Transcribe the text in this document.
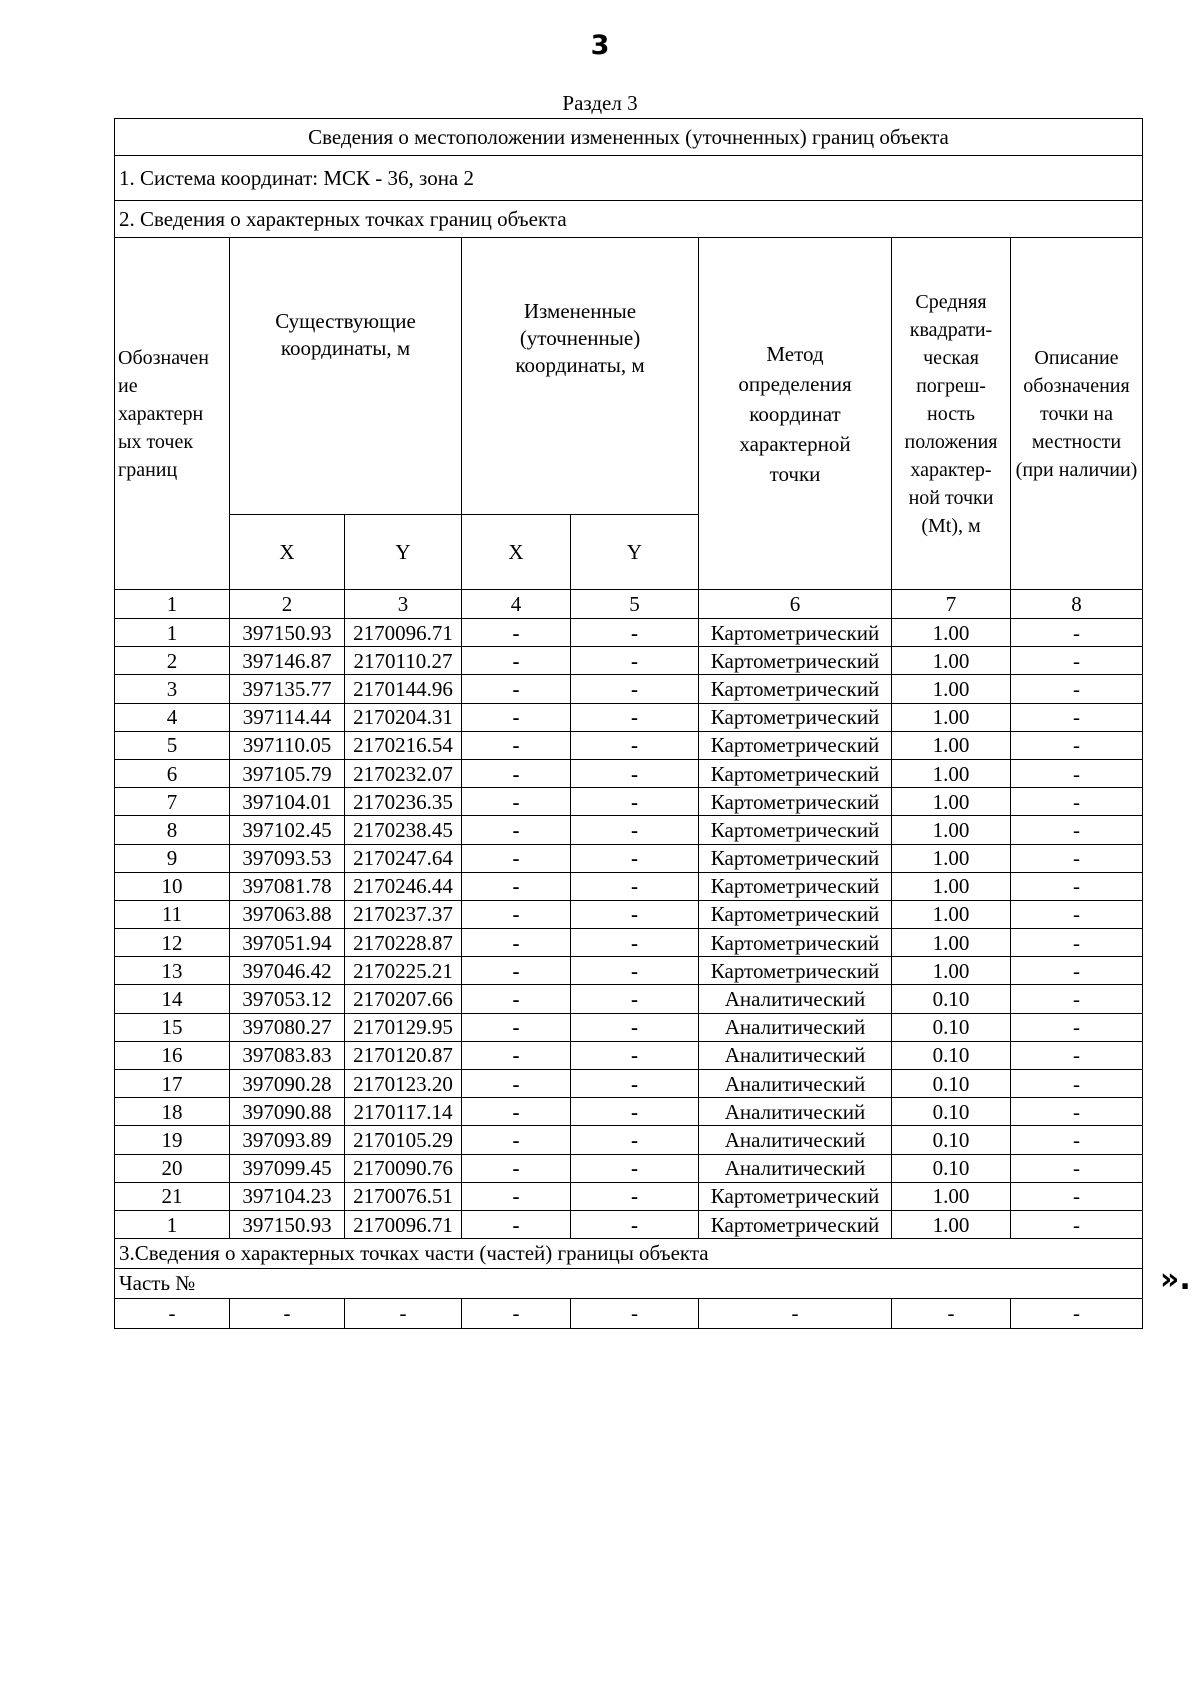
3
Раздел 3
Сведения о местоположении измененных (уточненных) границ объекта							
1. Система координат: МСК - 36, зона 2							
2. Сведения о характерных точках границ объекта							
Обозначен ие характерн ых точек границ	Существующие координаты, м		Измененные (уточненные) координаты, м		Метод определения координат характерной точки	Средняя квадрати-ческая погреш-ность положения характер-ной точки (Mt), м	Описание обозначения точки на местности (при наличии)
	X	Y	X	Y			
1	2	3	4	5	6	7	8
1	397150.93	2170096.71	-	-	Картометрический	1.00	-
2	397146.87	2170110.27	-	-	Картометрический	1.00	-
3	397135.77	2170144.96	-	-	Картометрический	1.00	-
4	397114.44	2170204.31	-	-	Картометрический	1.00	-
5	397110.05	2170216.54	-	-	Картометрический	1.00	-
6	397105.79	2170232.07	-	-	Картометрический	1.00	-
7	397104.01	2170236.35	-	-	Картометрический	1.00	-
8	397102.45	2170238.45	-	-	Картометрический	1.00	-
9	397093.53	2170247.64	-	-	Картометрический	1.00	-
10	397081.78	2170246.44	-	-	Картометрический	1.00	-
11	397063.88	2170237.37	-	-	Картометрический	1.00	-
12	397051.94	2170228.87	-	-	Картометрический	1.00	-
13	397046.42	2170225.21	-	-	Картометрический	1.00	-
14	397053.12	2170207.66	-	-	Аналитический	0.10	-
15	397080.27	2170129.95	-	-	Аналитический	0.10	-
16	397083.83	2170120.87	-	-	Аналитический	0.10	-
17	397090.28	2170123.20	-	-	Аналитический	0.10	-
18	397090.88	2170117.14	-	-	Аналитический	0.10	-
19	397093.89	2170105.29	-	-	Аналитический	0.10	-
20	397099.45	2170090.76	-	-	Аналитический	0.10	-
21	397104.23	2170076.51	-	-	Картометрический	1.00	-
1	397150.93	2170096.71	-	-	Картометрический	1.00	-
3.Сведения о характерных точках части (частей) границы объекта							
Часть №							
-	-	-	-	-	-	-	-
».
